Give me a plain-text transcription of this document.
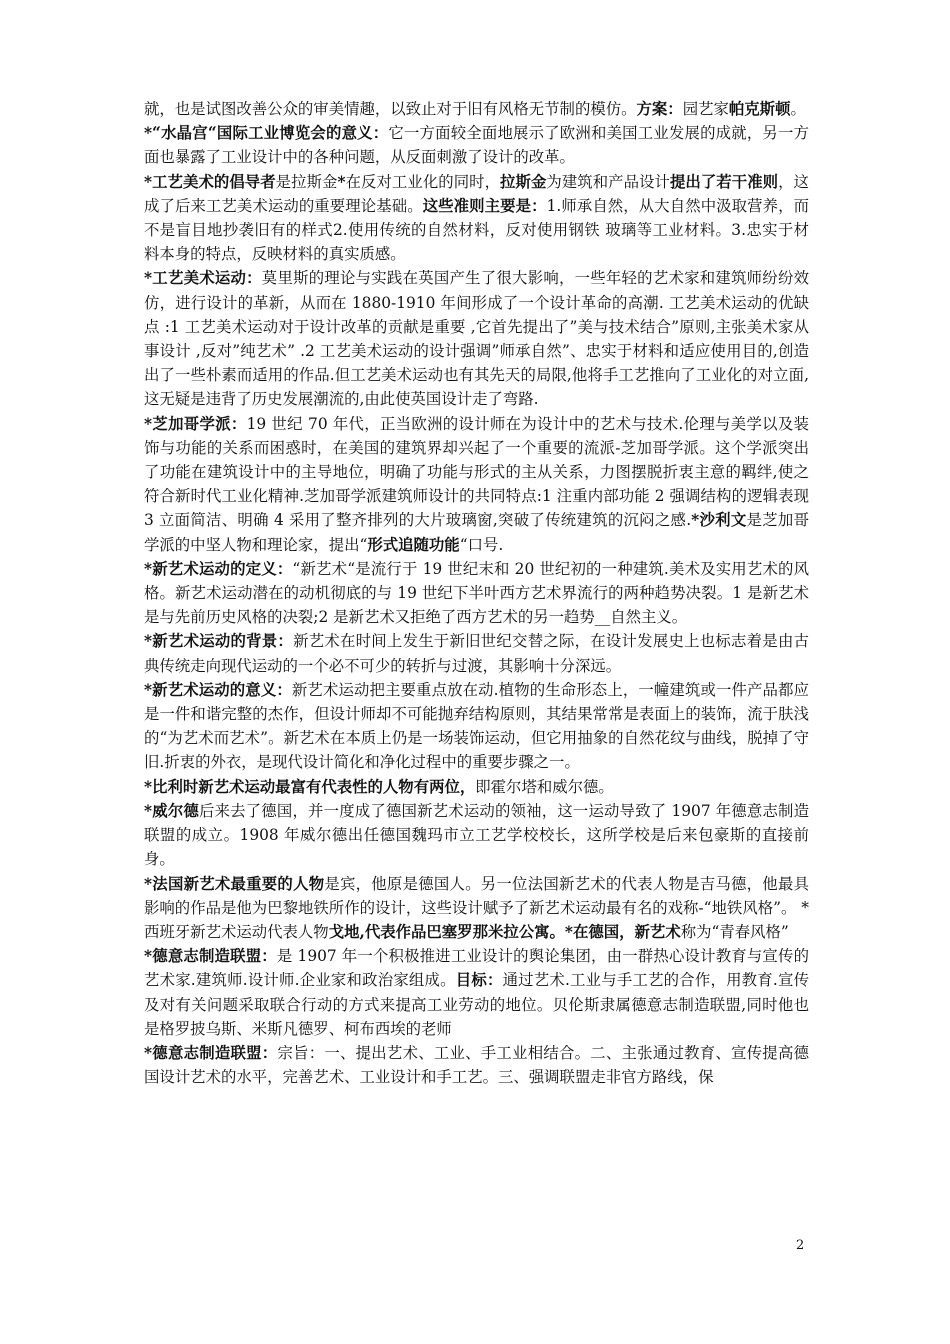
就，也是试图改善公众的审美情趣，以致止对于旧有风格无节制的模仿。方案：园艺家帕克斯顿。

*“水晶宫“国际工业博览会的意义：它一方面较全面地展示了欧洲和美国工业发展的成就，另一方面也暴露了工业设计中的各种问题，从反面刺激了设计的改革。

*工艺美术的倡导者是拉斯金*在反对工业化的同时，拉斯金为建筑和产品设计提出了若干准则，这成了后来工艺美术运动的重要理论基础。这些准则主要是：1.师承自然，从大自然中汲取营养，而不是盲目地抄袭旧有的样式2.使用传统的自然材料，反对使用钢铁 玻璃等工业材料。3.忠实于材料本身的特点，反映材料的真实质感。

*工艺美术运动：莫里斯的理论与实践在英国产生了很大影响，一些年轻的艺术家和建筑师纷纷效仿，进行设计的革新，从而在 1880-1910 年间形成了一个设计革命的高潮. 工艺美术运动的优缺点 :1 工艺美术运动对于设计改革的贡献是重要 ,它首先提出了”美与技术结合”原则,主张美术家从事设计 ,反对”纯艺术” .2 工艺美术运动的设计强调”师承自然”、忠实于材料和适应使用目的,创造出了一些朴素而适用的作品.但工艺美术运动也有其先天的局限,他将手工艺推向了工业化的对立面,这无疑是违背了历史发展潮流的,由此使英国设计走了弯路.

*芝加哥学派：19 世纪 70 年代，正当欧洲的设计师在为设计中的艺术与技术.伦理与美学以及装饰与功能的关系而困惑时，在美国的建筑界却兴起了一个重要的流派-芝加哥学派。这个学派突出了功能在建筑设计中的主导地位，明确了功能与形式的主从关系，力图摆脱折衷主意的羁绊,使之符合新时代工业化精神.芝加哥学派建筑师设计的共同特点:1 注重内部功能 2 强调结构的逻辑表现 3 立面简洁、明确 4 采用了整齐排列的大片玻璃窗,突破了传统建筑的沉闷之感.*沙利文是芝加哥学派的中坚人物和理论家，提出“形式追随功能“口号.

*新艺术运动的定义：“新艺术“是流行于 19 世纪末和 20 世纪初的一种建筑.美术及实用艺术的风格。新艺术运动潜在的动机彻底的与 19 世纪下半叶西方艺术界流行的两种趋势决裂。1 是新艺术是与先前历史风格的决裂;2 是新艺术又拒绝了西方艺术的另一趋势__自然主义。

*新艺术运动的背景：新艺术在时间上发生于新旧世纪交替之际，在设计发展史上也标志着是由古典传统走向现代运动的一个必不可少的转折与过渡，其影响十分深远。

*新艺术运动的意义：新艺术运动把主要重点放在动.植物的生命形态上，一幢建筑或一件产品都应是一件和谐完整的杰作，但设计师却不可能抛弃结构原则，其结果常常是表面上的装饰，流于肤浅的“为艺术而艺术”。新艺术在本质上仍是一场装饰运动，但它用抽象的自然花纹与曲线，脱掉了守旧.折衷的外衣，是现代设计简化和净化过程中的重要步骤之一。

*比利时新艺术运动最富有代表性的人物有两位，即霍尔塔和威尔德。

*威尔德后来去了德国，并一度成了德国新艺术运动的领袖，这一运动导致了 1907 年德意志制造联盟的成立。1908 年威尔德出任德国魏玛市立工艺学校校长，这所学校是后来包豪斯的直接前身。

*法国新艺术最重要的人物是宾，他原是德国人。另一位法国新艺术的代表人物是吉马德，他最具影响的作品是他为巴黎地铁所作的设计，这些设计赋予了新艺术运动最有名的戏称-“地铁风格”。 *西班牙新艺术运动代表人物戈地,代表作品巴塞罗那米拉公寓。*在德国，新艺术称为“青春风格”

*德意志制造联盟：是 1907 年一个积极推进工业设计的舆论集团，由一群热心设计教育与宣传的艺术家.建筑师.设计师.企业家和政治家组成。目标：通过艺术.工业与手工艺的合作，用教育.宣传及对有关问题采取联合行动的方式来提高工业劳动的地位。贝伦斯隶属德意志制造联盟,同时他也是格罗披乌斯、米斯凡德罗、柯布西埃的老师

*德意志制造联盟：宗旨：一、提出艺术、工业、手工业相结合。二、主张通过教育、宣传提高德国设计艺术的水平，完善艺术、工业设计和手工艺。三、强调联盟走非官方路线，保

2
